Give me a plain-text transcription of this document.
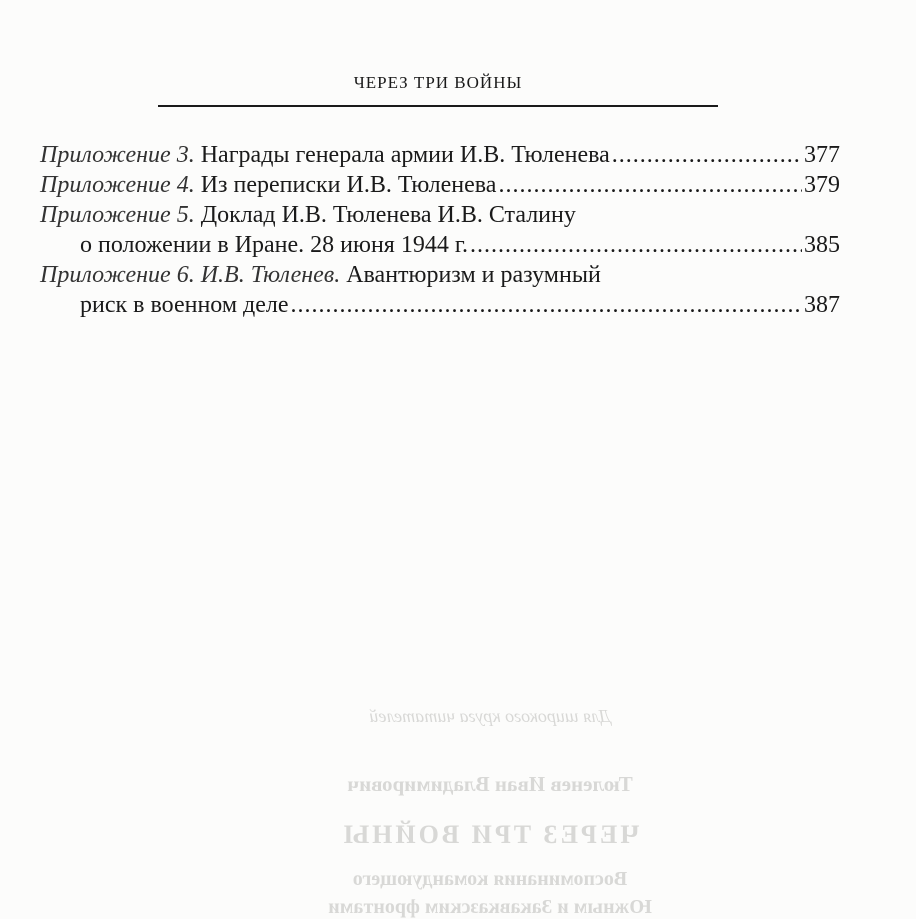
ЧЕРЕЗ ТРИ ВОЙНЫ
Приложение 3.
Награды генерала армии И.В. Тюленева .....	377
Приложение 4.
Из переписки И.В. Тюленева .....	379
Приложение 5. Доклад И.В. Тюленева И.В. Сталину
о положении в Иране. 28 июня 1944 г. .....	385
Приложение 6. И.В. Тюленев. Авантюризм и разумный
риск в военном деле .....	387
Для широкого круга читателей
Тюленев Иван Владимирович
ЧЕРЕЗ ТРИ ВОЙНЫ
Воспоминания командующего
Южным и Закавказским фронтами
